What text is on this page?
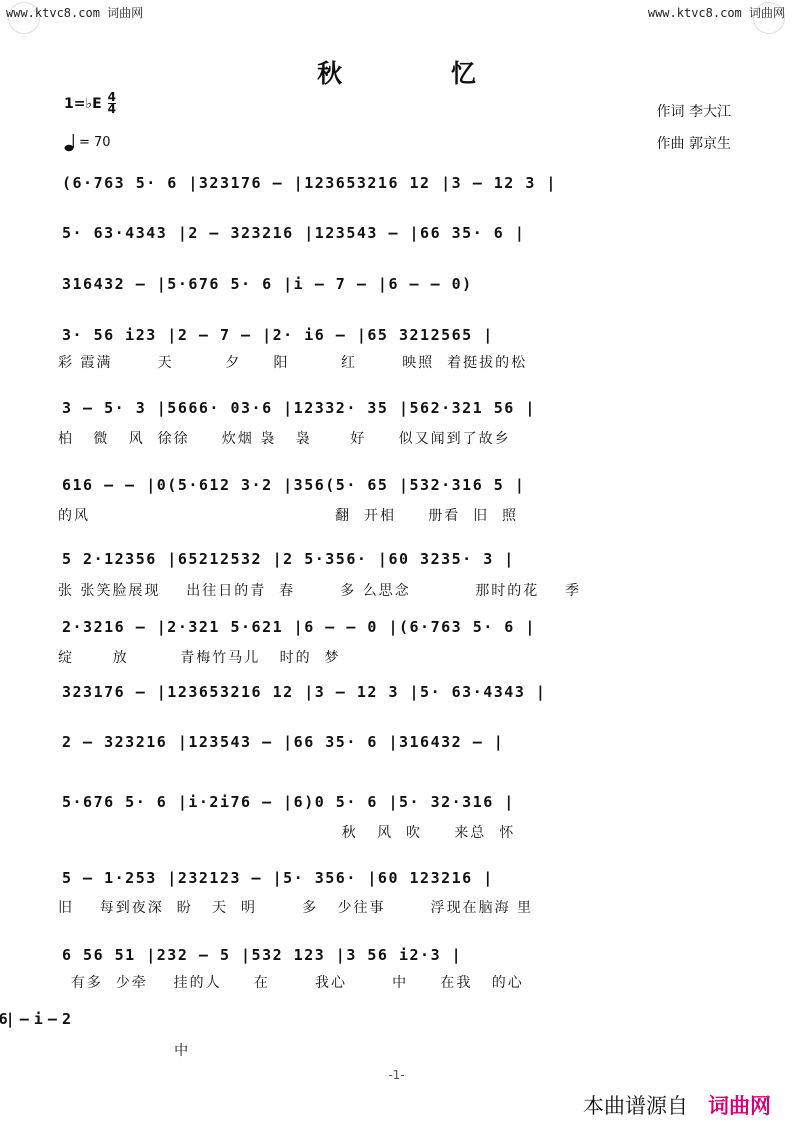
www.ktvc8.com 词曲网	www.ktvc8.com 词曲网
秋 忆
1=♭E 4
4
= 70
作词 李大江
作曲 郭京生
(6·763 5· 6 |323176 – |123653216 12 |3 – 12 3 |
5· 63·4343 |2 – 323216 |123543 – |66 35· 6 |
316432 – |5·676 5· 6 |i – 7 – |6 – – 0)
3· 56 i23 |2 – 7 – |2· i6 – |65 3212565 |
彩 霞满       天        夕     阳        红       映照  着挺拔的松
3 – 5· 3 |5666· 03·6 |12332· 35 |562·321 56 |
柏   微   风  徐徐     炊烟 袅   袅      好     似又闻到了故乡
616 – – |0(5·612 3·2 |356(5· 65 |532·316 5 |
的风                                      翻  开相     册看  旧  照
5 2·12356 |65212532 |2 5·356· |60 3235· 3 |
张 张笑脸展现    出往日的青  春       多 么思念          那时的花    季
2·3216 – |2·321 5·621 |6 – – 0 |(6·763 5· 6 |
绽      放        青梅竹马儿   时的  梦
323176 – |123653216 12 |3 – 12 3 |5· 63·4343 |
2 – 323216 |123543 – |66 35· 6 |316432 – |
5·676 5· 6 |i·2i76 – |6)0 5· 6 |5· 32·316 |
秋   风  吹     来总  怀
5 – 1·253 |232123 – |5· 356· |60 123216 |
旧    每到夜深  盼   天  明       多   少往事       浮现在脑海 里
6 56 51 |232 – 5 |532 123 |3 56 i2·3 |
有多  少牵    挂的人     在       我心       中     在我   的心
中
-1-
本曲谱源自 词曲网
